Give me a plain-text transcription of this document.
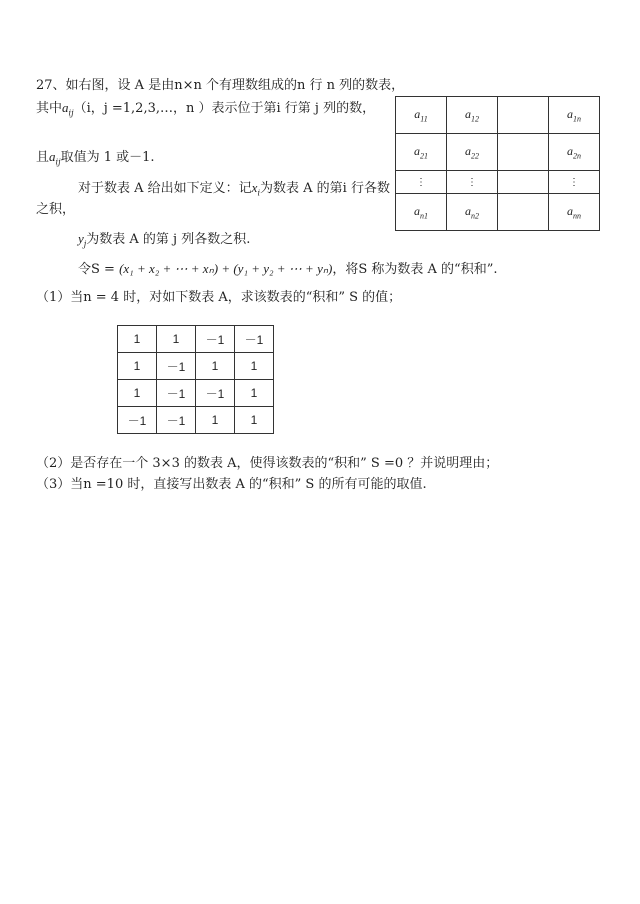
27、如右图，设 A 是由n×n 个有理数组成的n 行 n 列的数表，
其中$a_{ij}(i$，j =1,2,3,…，n ）表示位于第i 行第 j 列的数，
且$a_{ij}$取值为 1 或－1.
对于数表 A 给出如下定义：记$x_i$为数表 A 的第i 行各数
之积，
$y_j$为数表 A 的第 j 列各数之积.
令S = (x₁ + x₂ + ⋯ + xₙ) + (y₁ + y₂ + ⋯ + yₙ)，将S 称为数表 A 的“积和”.
（1）当n = 4 时，对如下数表 A，求该数表的“积和” S 的值；
（2）是否存在一个 3×3 的数表 A，使得该数表的“积和” S =0 ？并说明理由；
（3）当n =10 时，直接写出数表 A 的“积和” S 的所有可能的取值.
$a_{11}$	$a_{12}$		$a_{1n}$
$a_{21}$	$a_{22}$		$a_{2n}$
⋮	⋮		⋮
$a_{n1}$	$a_{n2}$		$a_{nn}$
1	1	－1	－1
1	－1	1	1
1	－1	－1	1
－1	－1	1	1
